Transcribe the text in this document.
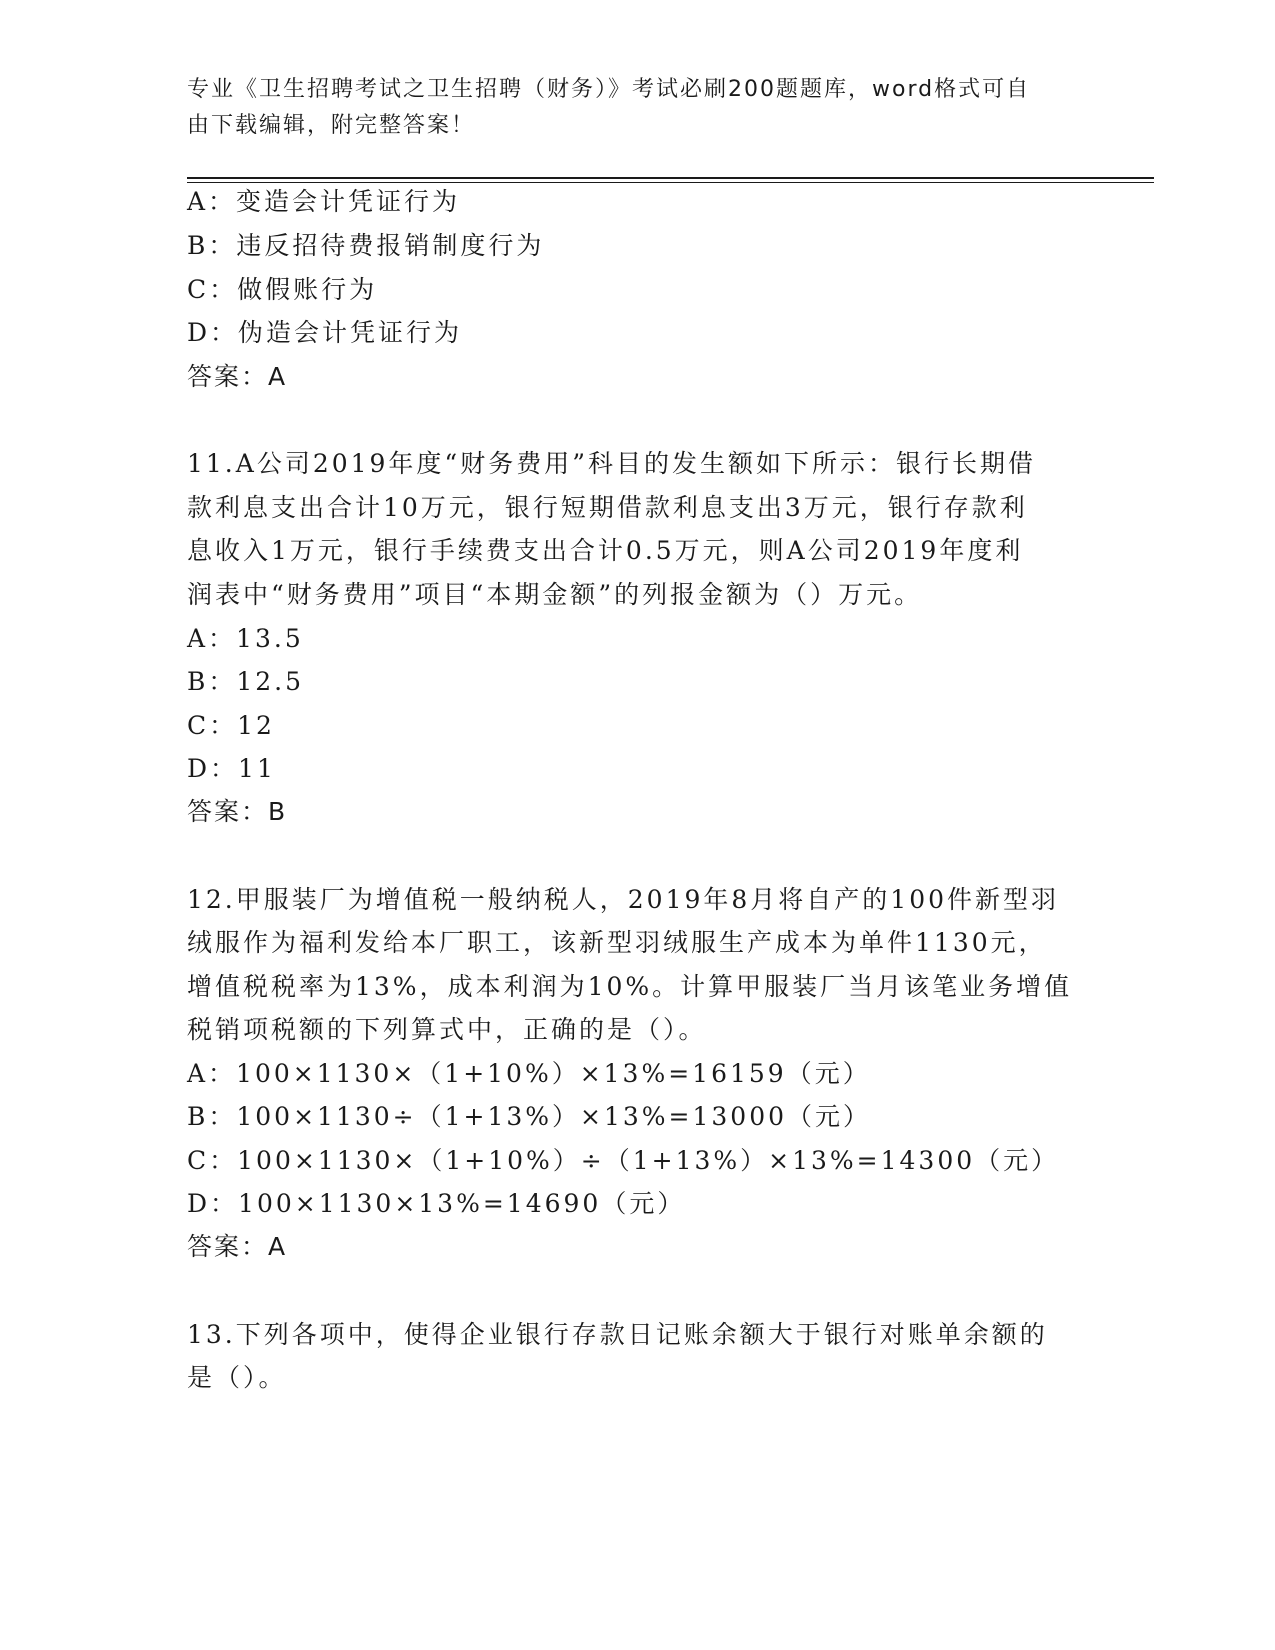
专业《卫生招聘考试之卫生招聘（财务）》考试必刷200题题库，word格式可自
由下载编辑，附完整答案！
A：变造会计凭证行为
B：违反招待费报销制度行为
C：做假账行为
D：伪造会计凭证行为
答案：A
11.A公司2019年度“财务费用”科目的发生额如下所示：银行长期借
款利息支出合计10万元，银行短期借款利息支出3万元，银行存款利
息收入1万元，银行手续费支出合计0.5万元，则A公司2019年度利
润表中“财务费用”项目“本期金额”的列报金额为（）万元。
A：13.5
B：12.5
C：12
D：11
答案：B
12.甲服装厂为增值税一般纳税人，2019年8月将自产的100件新型羽
绒服作为福利发给本厂职工，该新型羽绒服生产成本为单件1130元，
增值税税率为13%，成本利润为10%。计算甲服装厂当月该笔业务增值
税销项税额的下列算式中，正确的是（）。
A：100×1130×（1+10%）×13%=16159（元）
B：100×1130÷（1+13%）×13%=13000（元）
C：100×1130×（1+10%）÷（1+13%）×13%=14300（元）
D：100×1130×13%=14690（元）
答案：A
13.下列各项中，使得企业银行存款日记账余额大于银行对账单余额的
是（）。
